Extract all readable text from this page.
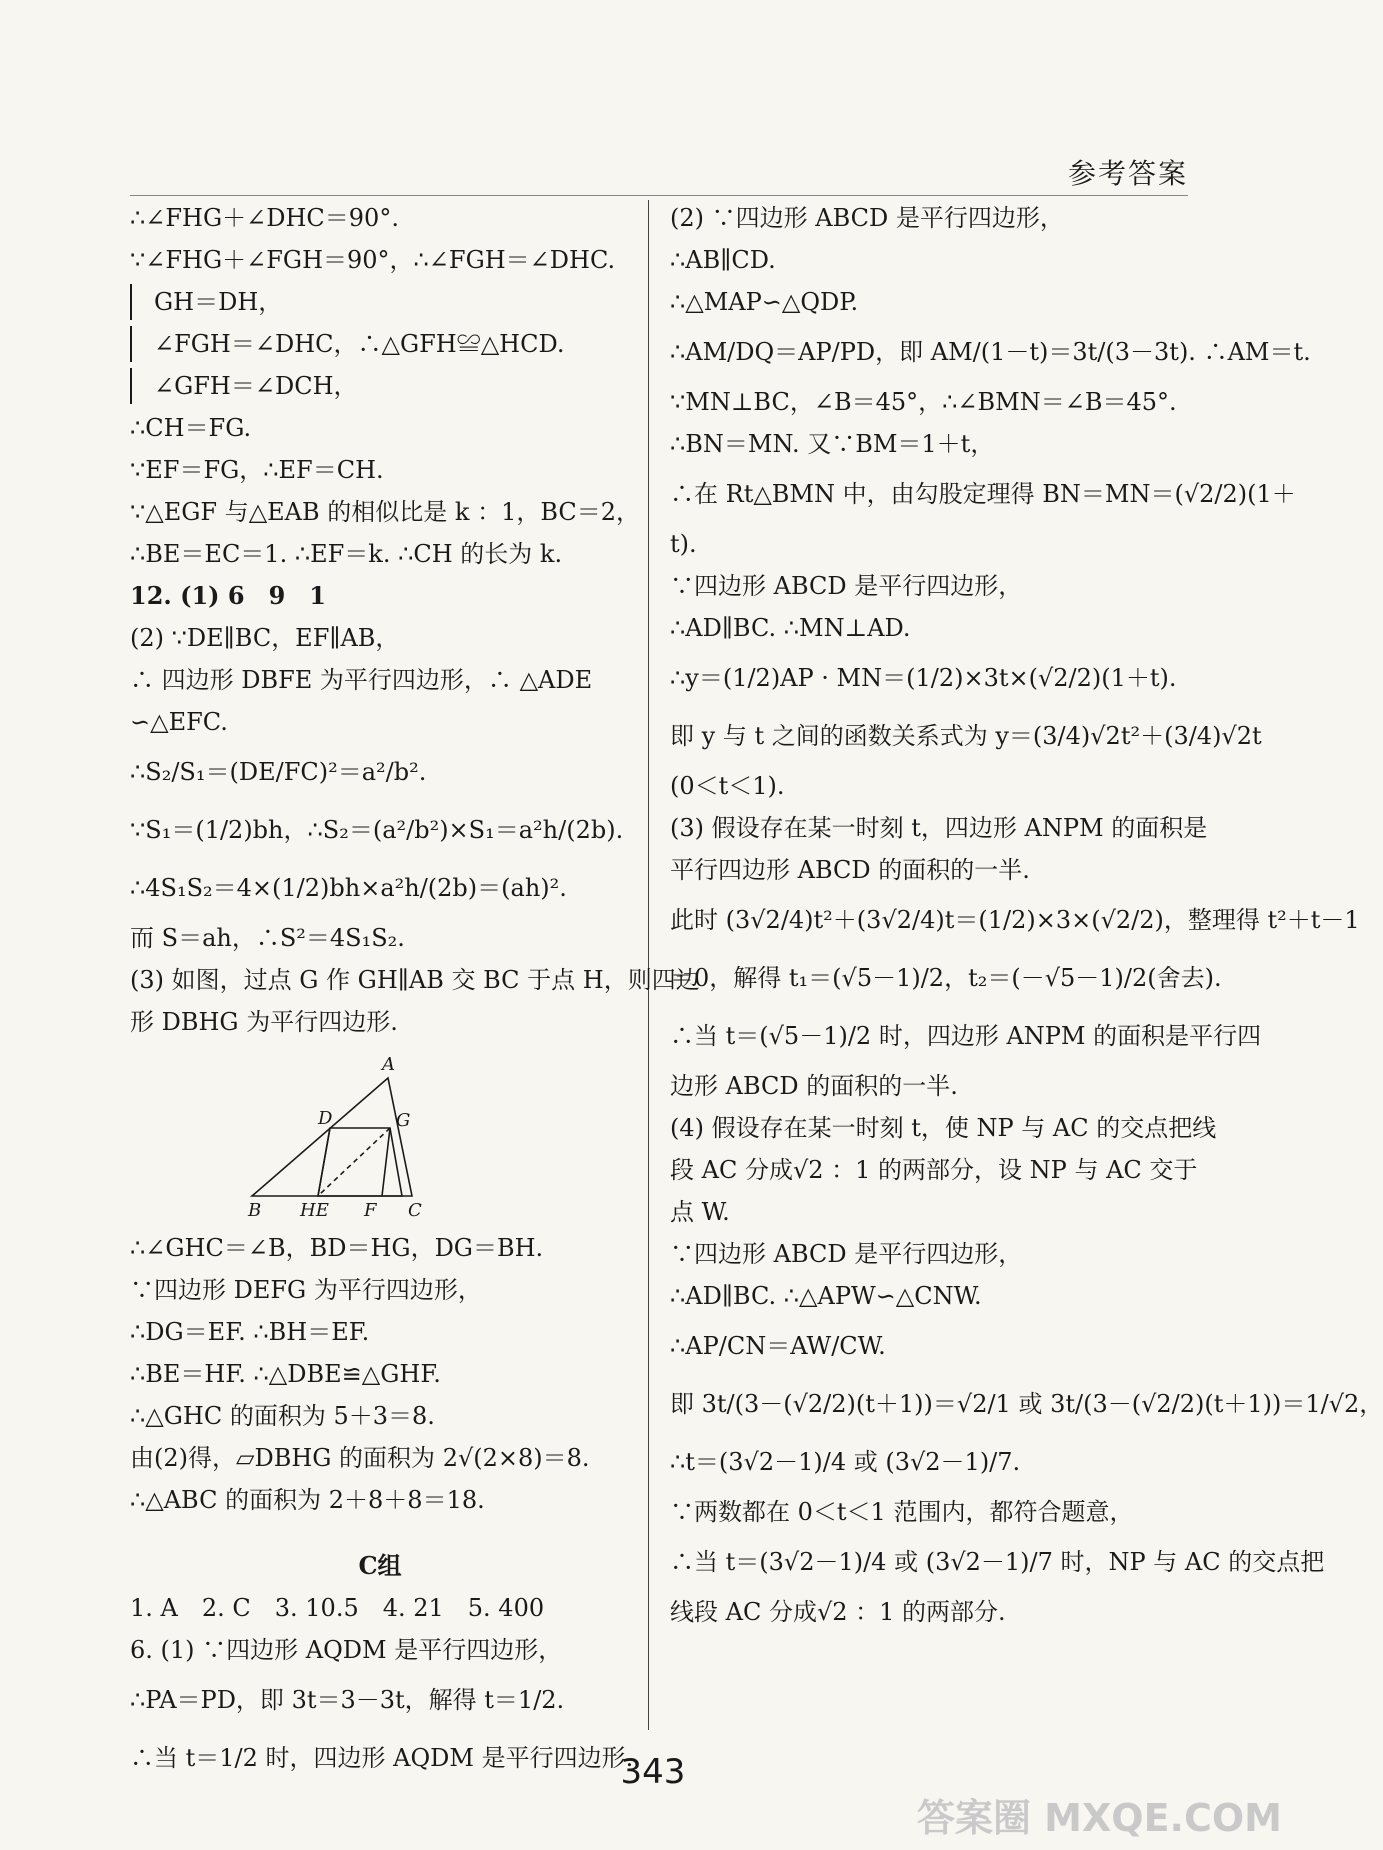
参考答案
∴∠FHG＋∠DHC＝90°.
∵∠FHG＋∠FGH＝90°，∴∠FGH＝∠DHC.
GH＝DH，
∠FGH＝∠DHC，∴△GFH≌△HCD.
∠GFH＝∠DCH，
∴CH＝FG.
∵EF＝FG，∴EF＝CH.
∵△EGF 与△EAB 的相似比是 k ：1，BC＝2，
∴BE＝EC＝1. ∴EF＝k. ∴CH 的长为 k.
12. (1) 6　9　1
(2) ∵DE∥BC，EF∥AB，
∴ 四边形 DBFE 为平行四边形，∴ △ADE
∽△EFC.
∴S₂/S₁＝(DE/FC)²＝a²/b².
∵S₁＝(1/2)bh，∴S₂＝(a²/b²)×S₁＝a²h/(2b).
∴4S₁S₂＝4×(1/2)bh×a²h/(2b)＝(ah)².
而 S＝ah，∴S²＝4S₁S₂.
(3) 如图，过点 G 作 GH∥AB 交 BC 于点 H，则四边
形 DBHG 为平行四边形.
A
D	G
B HE F C
∴∠GHC＝∠B，BD＝HG，DG＝BH.
∵四边形 DEFG 为平行四边形，
∴DG＝EF. ∴BH＝EF.
∴BE＝HF. ∴△DBE≌△GHF.
∴△GHC 的面积为 5＋3＝8.
由(2)得，▱DBHG 的面积为 2√(2×8)＝8.
∴△ABC 的面积为 2＋8＋8＝18.
C组
1. A　2. C　3. 10.5　4. 21　5. 400
6. (1) ∵四边形 AQDM 是平行四边形，
∴PA＝PD，即 3t＝3－3t，解得 t＝1/2.
∴当 t＝1/2 时，四边形 AQDM 是平行四边形.
(2) ∵四边形 ABCD 是平行四边形，
∴AB∥CD.
∴△MAP∽△QDP.
∴AM/DQ＝AP/PD，即 AM/(1－t)＝3t/(3－3t). ∴AM＝t.
∵MN⊥BC，∠B＝45°，∴∠BMN＝∠B＝45°.
∴BN＝MN. 又∵BM＝1＋t，
∴在 Rt△BMN 中，由勾股定理得 BN＝MN＝(√2/2)(1＋
t).
∵四边形 ABCD 是平行四边形，
∴AD∥BC. ∴MN⊥AD.
∴y＝(1/2)AP · MN＝(1/2)×3t×(√2/2)(1＋t).
即 y 与 t 之间的函数关系式为 y＝(3/4)√2t²＋(3/4)√2t
(0＜t＜1).
(3) 假设存在某一时刻 t，四边形 ANPM 的面积是
平行四边形 ABCD 的面积的一半.
此时 (3√2/4)t²＋(3√2/4)t＝(1/2)×3×(√2/2)，整理得 t²＋t－1
＝0，解得 t₁＝(√5－1)/2，t₂＝(－√5－1)/2(舍去).
∴当 t＝(√5－1)/2 时，四边形 ANPM 的面积是平行四
边形 ABCD 的面积的一半.
(4) 假设存在某一时刻 t，使 NP 与 AC 的交点把线
段 AC 分成√2 ：1 的两部分，设 NP 与 AC 交于
点 W.
∵四边形 ABCD 是平行四边形，
∴AD∥BC. ∴△APW∽△CNW.
∴AP/CN＝AW/CW.
即 3t/(3－(√2/2)(t＋1))＝√2/1 或 3t/(3－(√2/2)(t＋1))＝1/√2，
∴t＝(3√2－1)/4 或 (3√2－1)/7.
∵两数都在 0＜t＜1 范围内，都符合题意，
∴当 t＝(3√2－1)/4 或 (3√2－1)/7 时，NP 与 AC 的交点把
线段 AC 分成√2 ：1 的两部分.
343
答案圈 MXQE.COM
